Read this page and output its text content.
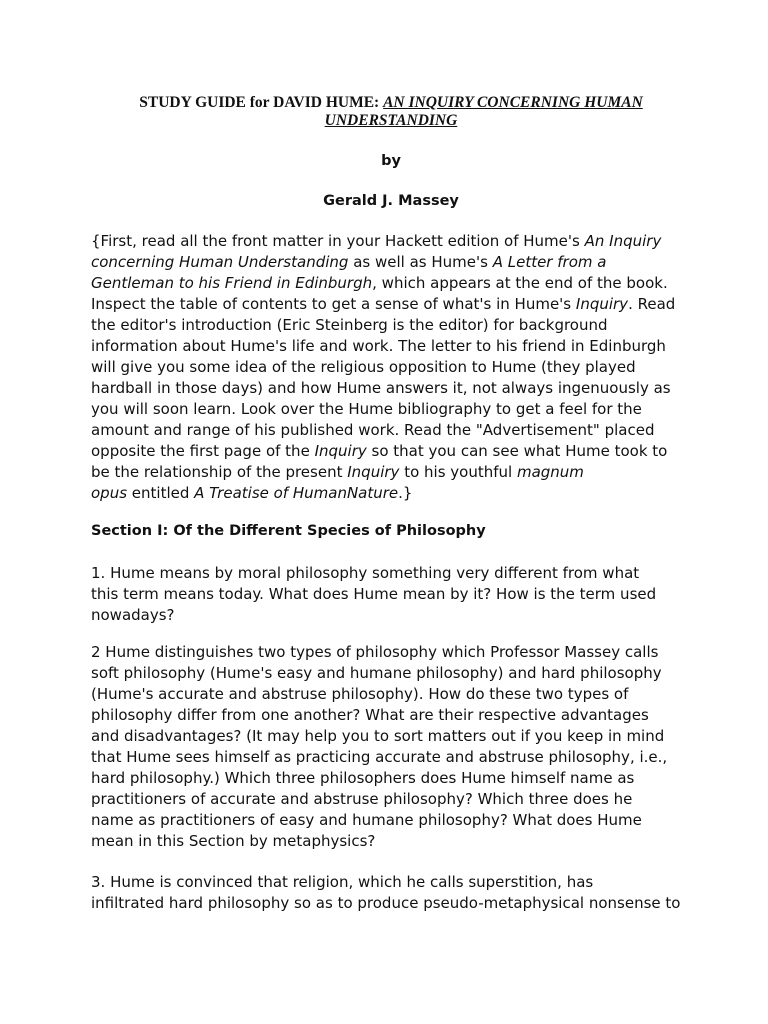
STUDY GUIDE for DAVID HUME: AN INQUIRY CONCERNING HUMAN
UNDERSTANDING

by

Gerald J. Massey

{First, read all the front matter in your Hackett edition of Hume's An Inquiry
concerning Human Understanding as well as Hume's A Letter from a
Gentleman to his Friend in Edinburgh, which appears at the end of the book.
Inspect the table of contents to get a sense of what's in Hume's Inquiry. Read
the editor's introduction (Eric Steinberg is the editor) for background
information about Hume's life and work. The letter to his friend in Edinburgh
will give you some idea of the religious opposition to Hume (they played
hardball in those days) and how Hume answers it, not always ingenuously as
you will soon learn. Look over the Hume bibliography to get a feel for the
amount and range of his published work. Read the "Advertisement" placed
opposite the first page of the Inquiry so that you can see what Hume took to
be the relationship of the present Inquiry to his youthful magnum
opus entitled A Treatise of HumanNature.}

Section I: Of the Different Species of Philosophy

1. Hume means by moral philosophy something very different from what
this term means today. What does Hume mean by it? How is the term used
nowadays?
2 Hume distinguishes two types of philosophy which Professor Massey calls
soft philosophy (Hume's easy and humane philosophy) and hard philosophy
(Hume's accurate and abstruse philosophy). How do these two types of
philosophy differ from one another? What are their respective advantages
and disadvantages? (It may help you to sort matters out if you keep in mind
that Hume sees himself as practicing accurate and abstruse philosophy, i.e.,
hard philosophy.) Which three philosophers does Hume himself name as
practitioners of accurate and abstruse philosophy? Which three does he
name as practitioners of easy and humane philosophy? What does Hume
mean in this Section by metaphysics?
3. Hume is convinced that religion, which he calls superstition, has
infiltrated hard philosophy so as to produce pseudo-metaphysical nonsense to
